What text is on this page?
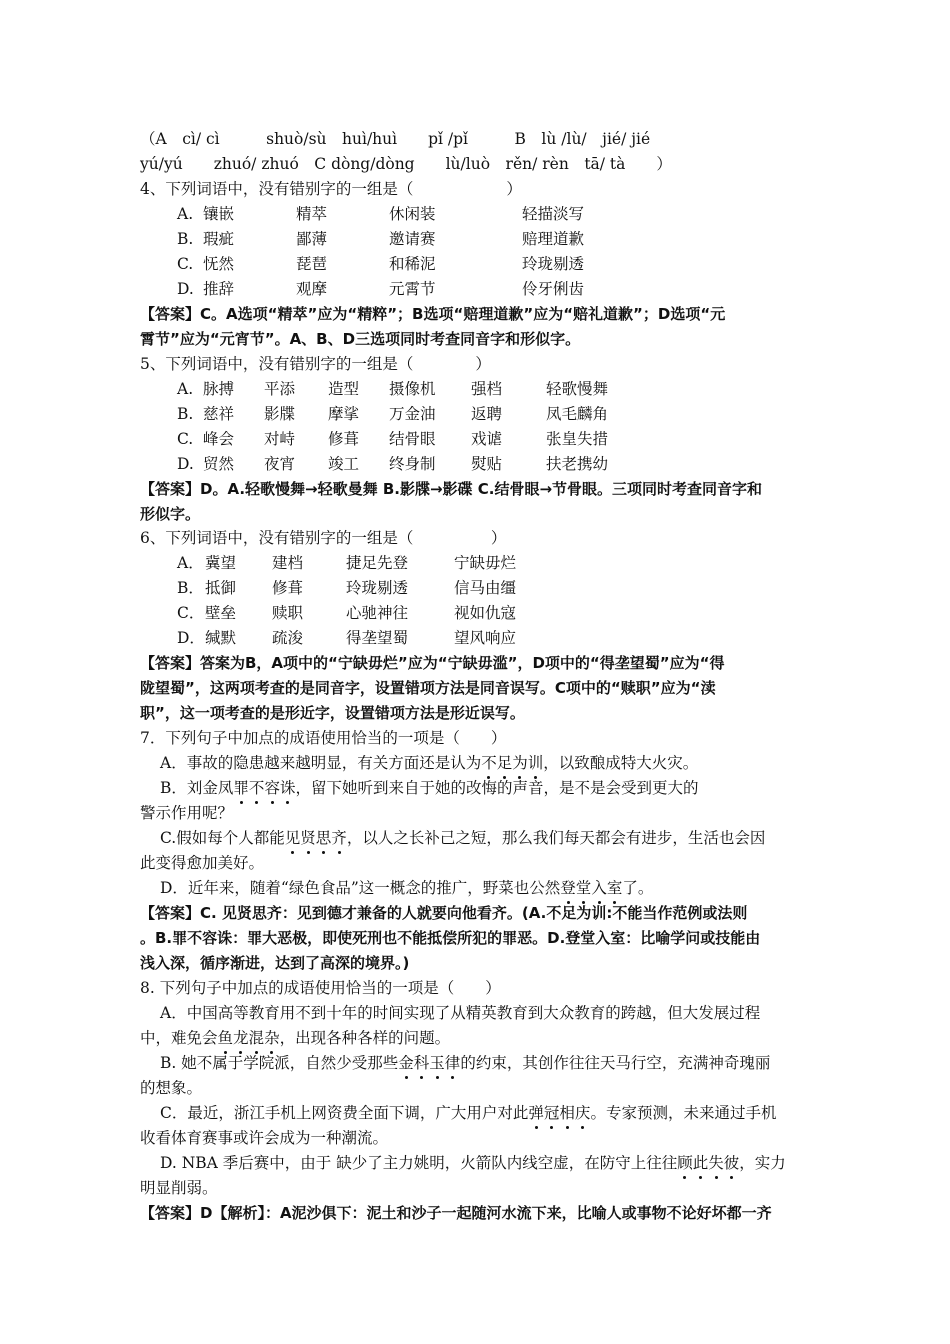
（A　cì/ cì　　　shuò/sù　huì/huì　　pǐ /pǐ　　　B　lù /lù/　jié/ jié
yú/yú　　zhuó/ zhuó　C dòng/dòng　　lù/luò　rěn/ rèn　tā/ tà　　）
4、下列词语中，没有错别字的一组是（　　　　　　）
A. 镶嵌	精萃	休闲装	轻描淡写
B. 瑕疵	鄙薄	邀请赛	赔理道歉
C. 怃然	琵琶	和稀泥	玲珑剔透
D. 推辞	观摩	元霄节	伶牙俐齿
【答案】C。A选项“精萃”应为“精粹”；B选项“赔理道歉”应为“赔礼道歉”；D选项“元
霄节”应为“元宵节”。A、B、D三选项同时考查同音字和形似字。
5、下列词语中，没有错别字的一组是（　　　　）
A. 脉搏 平添 造型 摄像机 强档	轻歌慢舞
B. 慈祥 影牒 摩挲 万金油 返聘	凤毛麟角
C. 峰会 对峙 修葺 结骨眼 戏谑	张皇失措
D. 贸然 夜宵 竣工 终身制 熨贴	扶老携幼
【答案】D。A.轻歌慢舞→轻歌曼舞 B.影牒→影碟 C.结骨眼→节骨眼。三项同时考查同音字和
形似字。
6、下列词语中，没有错别字的一组是（　　　　　）
A． 冀望 建档	捷足先登	宁缺毋烂
B． 抵御 修葺	玲珑剔透	信马由缰
C． 壁垒 赎职	心驰神往	视如仇寇
D． 缄默 疏浚	得垄望蜀	望风响应
【答案】答案为B，A项中的“宁缺毋烂”应为“宁缺毋滥”，D项中的“得垄望蜀”应为“得
陇望蜀”，这两项考查的是同音字，设置错项方法是同音误写。C项中的“赎职”应为“渎
职”，这一项考查的是形近字，设置错项方法是形近误写。
7．下列句子中加点的成语使用恰当的一项是（　　）
A．事故的隐患越来越明显，有关方面还是认为不足为训，以致酿成特大火灾。
B．刘金凤罪不容诛，留下她听到来自于她的改悔的声音，是不是会受到更大的
警示作用呢？
C.假如每个人都能见贤思齐，以人之长补己之短，那么我们每天都会有进步，生活也会因
此变得愈加美好。
D．近年来，随着“绿色食品”这一概念的推广，野菜也公然登堂入室了。
【答案】C. 见贤思齐：见到德才兼备的人就要向他看齐。(A.不足为训:不能当作范例或法则
。B.罪不容诛：罪大恶极，即使死刑也不能抵偿所犯的罪恶。D.登堂入室：比喻学问或技能由
浅入深，循序渐进，达到了高深的境界。)
8. 下列句子中加点的成语使用恰当的一项是（　　）
A．中国高等教育用不到十年的时间实现了从精英教育到大众教育的跨越，但大发展过程
中，难免会鱼龙混杂，出现各种各样的问题。
B. 她不属于学院派，自然少受那些金科玉律的约束，其创作往往天马行空，充满神奇瑰丽
的想象。
C．最近，浙江手机上网资费全面下调，广大用户对此弹冠相庆。专家预测，未来通过手机
收看体育赛事或许会成为一种潮流。
D. NBA 季后赛中，由于 缺少了主力姚明，火箭队内线空虚，在防守上往往顾此失彼，实力
明显削弱。
【答案】D【解析】：A泥沙俱下：泥土和沙子一起随河水流下来，比喻人或事物不论好坏都一齐
